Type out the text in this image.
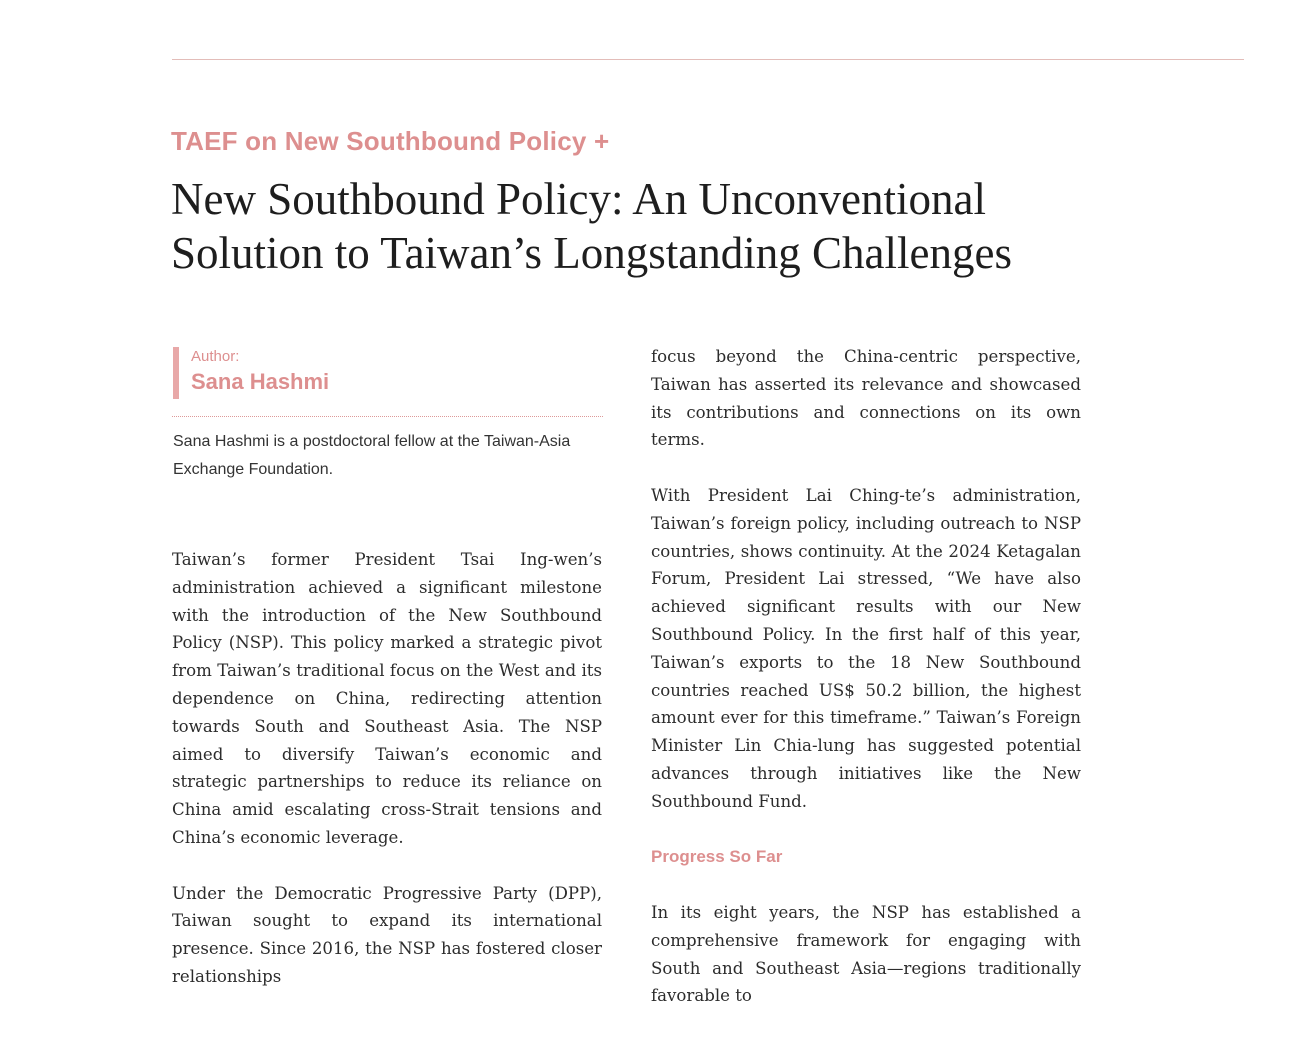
TAEF on New Southbound Policy +
New Southbound Policy: An Unconventional Solution to Taiwan’s Longstanding Challenges
Author:
Sana Hashmi
Sana Hashmi is a postdoctoral fellow at the Taiwan-Asia Exchange Foundation.

Taiwan’s former President Tsai Ing-wen’s administration achieved a significant milestone with the introduction of the New Southbound Policy (NSP). This policy marked a strategic pivot from Taiwan’s traditional focus on the West and its dependence on China, redirecting attention towards South and Southeast Asia. The NSP aimed to diversify Taiwan’s economic and strategic partnerships to reduce its reliance on China amid escalating cross-Strait tensions and China’s economic leverage.

Under the Democratic Progressive Party (DPP), Taiwan sought to expand its international presence. Since 2016, the NSP has fostered closer relationships

focus beyond the China-centric perspective, Taiwan has asserted its relevance and showcased its contributions and connections on its own terms.

With President Lai Ching-te’s administration, Taiwan’s foreign policy, including outreach to NSP countries, shows continuity. At the 2024 Ketagalan Forum, President Lai stressed, “We have also achieved significant results with our New Southbound Policy. In the first half of this year, Taiwan’s exports to the 18 New Southbound countries reached US$ 50.2 billion, the highest amount ever for this timeframe.” Taiwan’s Foreign Minister Lin Chia-lung has suggested potential advances through initiatives like the New Southbound Fund.

Progress So Far

In its eight years, the NSP has established a comprehensive framework for engaging with South and Southeast Asia—regions traditionally favorable to
